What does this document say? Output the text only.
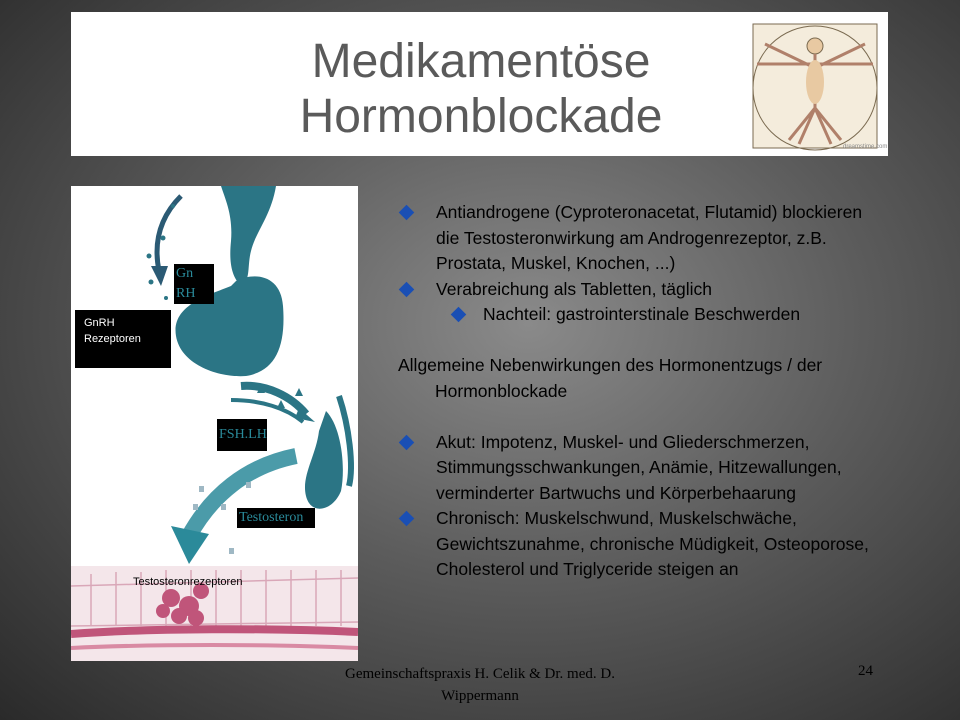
Medikamentöse
Hormonblockade
dreamstime.com
Gn RH
GnRH Rezeptoren
FSH.LH
Testosteron
Testosteronrezeptoren
Antiandrogene (Cyproteronacetat, Flutamid) blockieren die Testosteronwirkung am Androgenrezeptor, z.B. Prostata, Muskel, Knochen, ...)
Verabreichung als Tabletten, täglich
Nachteil: gastrointerstinale Beschwerden
Allgemeine Nebenwirkungen des Hormonentzugs / der Hormonblockade
Akut: Impotenz, Muskel- und Gliederschmerzen, Stimmungsschwankungen, Anämie, Hitzewallungen, verminderter Bartwuchs und Körperbehaarung
Chronisch: Muskelschwund, Muskelschwäche, Gewichtszunahme, chronische Müdigkeit, Osteoporose, Cholesterol und Triglyceride steigen an
Gemeinschaftspraxis H. Celik & Dr. med. D. Wippermann
24
